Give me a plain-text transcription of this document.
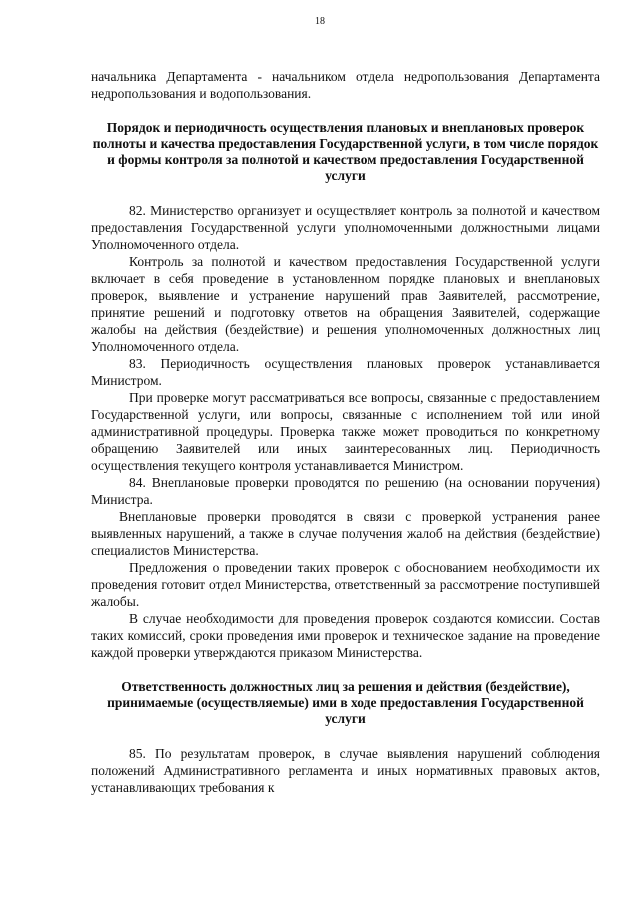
18

начальника Департамента - начальником отдела недропользования Департамента недропользования и водопользования.

Порядок и периодичность осуществления плановых и внеплановых проверок полноты и качества предоставления Государственной услуги, в том числе порядок и формы контроля за полнотой и качеством предоставления Государственной услуги

82. Министерство организует и осуществляет контроль за полнотой и качеством предоставления Государственной услуги уполномоченными должностными лицами Уполномоченного отдела.

Контроль за полнотой и качеством предоставления Государственной услуги включает в себя проведение в установленном порядке плановых и внеплановых проверок, выявление и устранение нарушений прав Заявителей, рассмотрение, принятие решений и подготовку ответов на обращения Заявителей, содержащие жалобы на действия (бездействие) и решения уполномоченных должностных лиц Уполномоченного отдела.

83. Периодичность осуществления плановых проверок устанавливается Министром.

При проверке могут рассматриваться все вопросы, связанные с предоставлением Государственной услуги, или вопросы, связанные с исполнением той или иной административной процедуры. Проверка также может проводиться по конкретному обращению Заявителей или иных заинтересованных лиц. Периодичность осуществления текущего контроля устанавливается Министром.

84. Внеплановые проверки проводятся по решению (на основании поручения) Министра.

Внеплановые проверки проводятся в связи с проверкой устранения ранее выявленных нарушений, а также в случае получения жалоб на действия (бездействие) специалистов Министерства.

Предложения о проведении таких проверок с обоснованием необходимости их проведения готовит отдел Министерства, ответственный за рассмотрение поступившей жалобы.

В случае необходимости для проведения проверок создаются комиссии. Состав таких комиссий, сроки проведения ими проверок и техническое задание на проведение каждой проверки утверждаются приказом Министерства.

Ответственность должностных лиц за решения и действия (бездействие), принимаемые (осуществляемые) ими в ходе предоставления Государственной услуги

85. По результатам проверок, в случае выявления нарушений соблюдения положений Административного регламента и иных нормативных правовых актов, устанавливающих требования к
